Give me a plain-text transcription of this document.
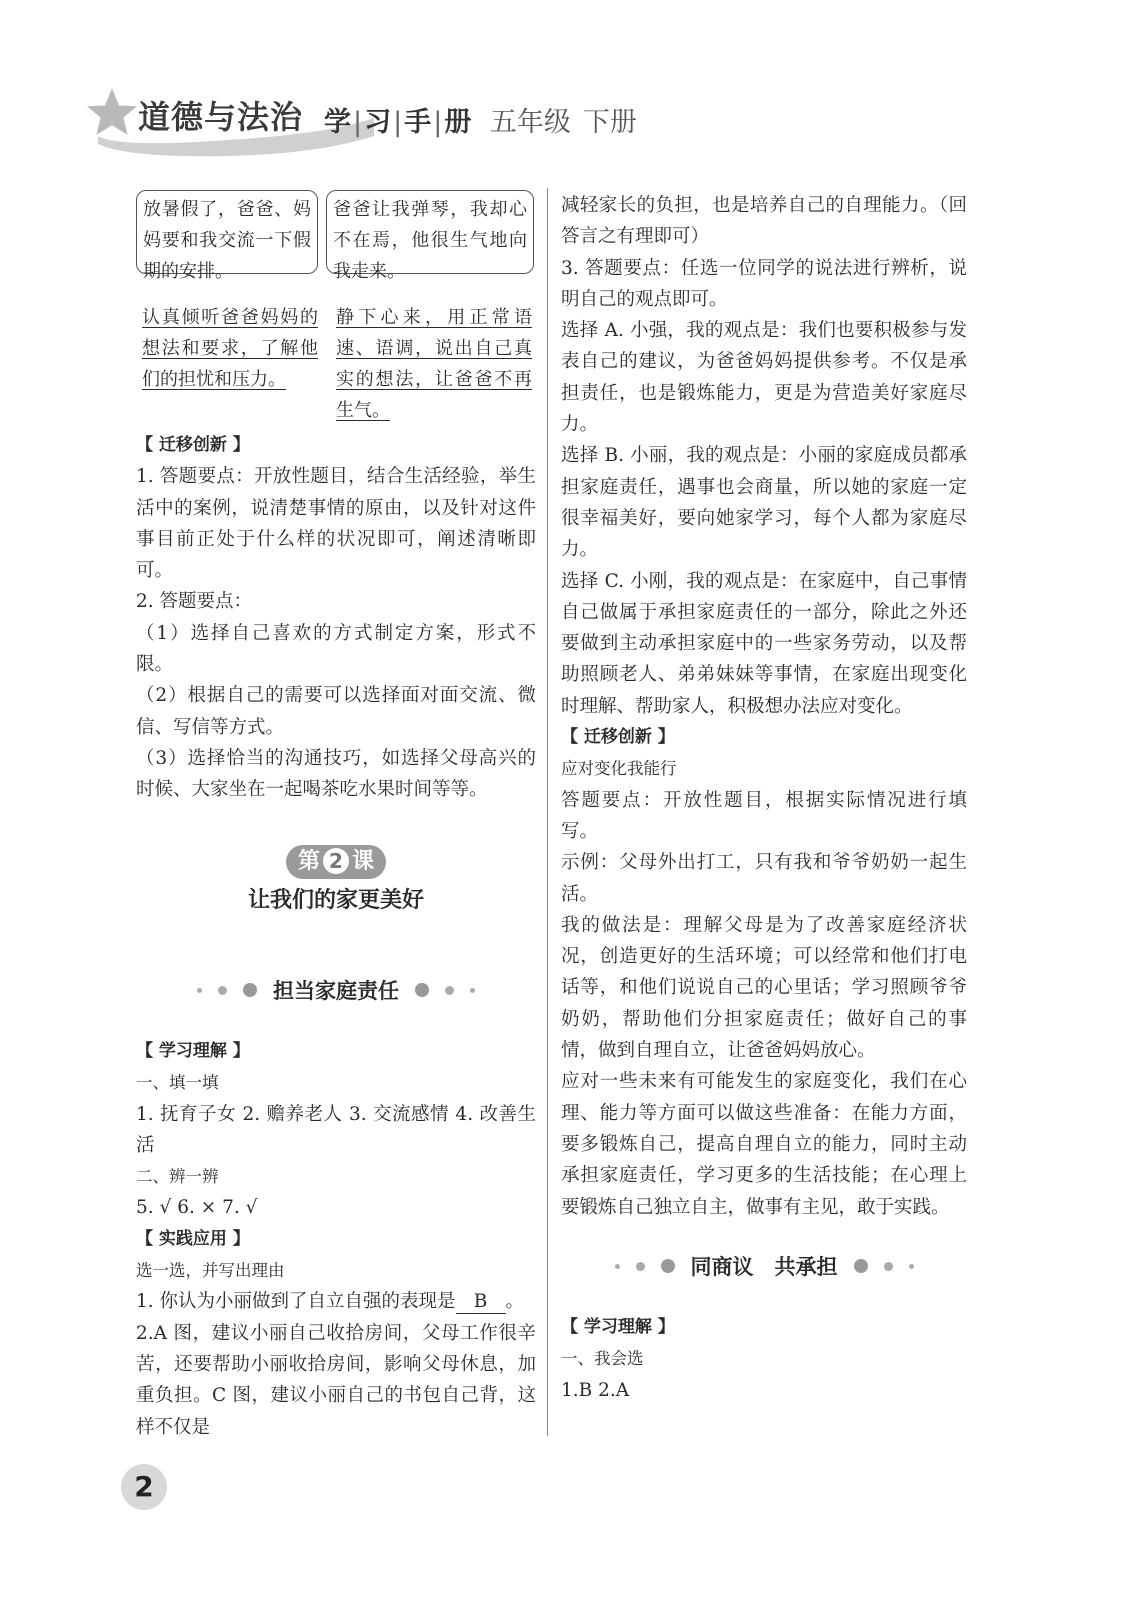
道德与法治 学|习|手|册 五年级 下册
放暑假了，爸爸、妈妈要和我交流一下假期的安排。
爸爸让我弹琴，我却心不在焉，他很生气地向我走来。
认真倾听爸爸妈妈的想法和要求，了解他们的担忧和压力。
静下心来，用正常语速、语调，说出自己真实的想法，让爸爸不再生气。

【 迁移创新 】

1. 答题要点：开放性题目，结合生活经验，举生活中的案例，说清楚事情的原由，以及针对这件事目前正处于什么样的状况即可，阐述清晰即可。

2. 答题要点：

（1）选择自己喜欢的方式制定方案，形式不限。

（2）根据自己的需要可以选择面对面交流、微信、写信等方式。

（3）选择恰当的沟通技巧，如选择父母高兴的时候、大家坐在一起喝茶吃水果时间等等。

第 2 课
让我们的家更美好
担当家庭责任

【 学习理解 】

一、填一填

1. 抚育子女 2. 赡养老人 3. 交流感情 4. 改善生活

二、辨一辨

5. √ 6. × 7. √

【 实践应用 】

选一选，并写出理由

1. 你认为小丽做到了自立自强的表现是 B 。

2.A 图，建议小丽自己收拾房间，父母工作很辛苦，还要帮助小丽收拾房间，影响父母休息，加重负担。C 图，建议小丽自己的书包自己背，这样不仅是

减轻家长的负担，也是培养自己的自理能力。（回答言之有理即可）

3. 答题要点：任选一位同学的说法进行辨析，说明自己的观点即可。

选择 A. 小强，我的观点是：我们也要积极参与发表自己的建议，为爸爸妈妈提供参考。不仅是承担责任，也是锻炼能力，更是为营造美好家庭尽力。

选择 B. 小丽，我的观点是：小丽的家庭成员都承担家庭责任，遇事也会商量，所以她的家庭一定很幸福美好，要向她家学习，每个人都为家庭尽力。

选择 C. 小刚，我的观点是：在家庭中，自己事情自己做属于承担家庭责任的一部分，除此之外还要做到主动承担家庭中的一些家务劳动，以及帮助照顾老人、弟弟妹妹等事情，在家庭出现变化时理解、帮助家人，积极想办法应对变化。

【 迁移创新 】

应对变化我能行

答题要点：开放性题目，根据实际情况进行填写。

示例：父母外出打工，只有我和爷爷奶奶一起生活。

我的做法是：理解父母是为了改善家庭经济状况，创造更好的生活环境；可以经常和他们打电话等，和他们说说自己的心里话；学习照顾爷爷奶奶，帮助他们分担家庭责任；做好自己的事情，做到自理自立，让爸爸妈妈放心。

应对一些未来有可能发生的家庭变化，我们在心理、能力等方面可以做这些准备：在能力方面，要多锻炼自己，提高自理自立的能力，同时主动承担家庭责任，学习更多的生活技能；在心理上要锻炼自己独立自主，做事有主见，敢于实践。

同商议　共承担

【 学习理解 】

一、我会选

1.B 2.A

2
